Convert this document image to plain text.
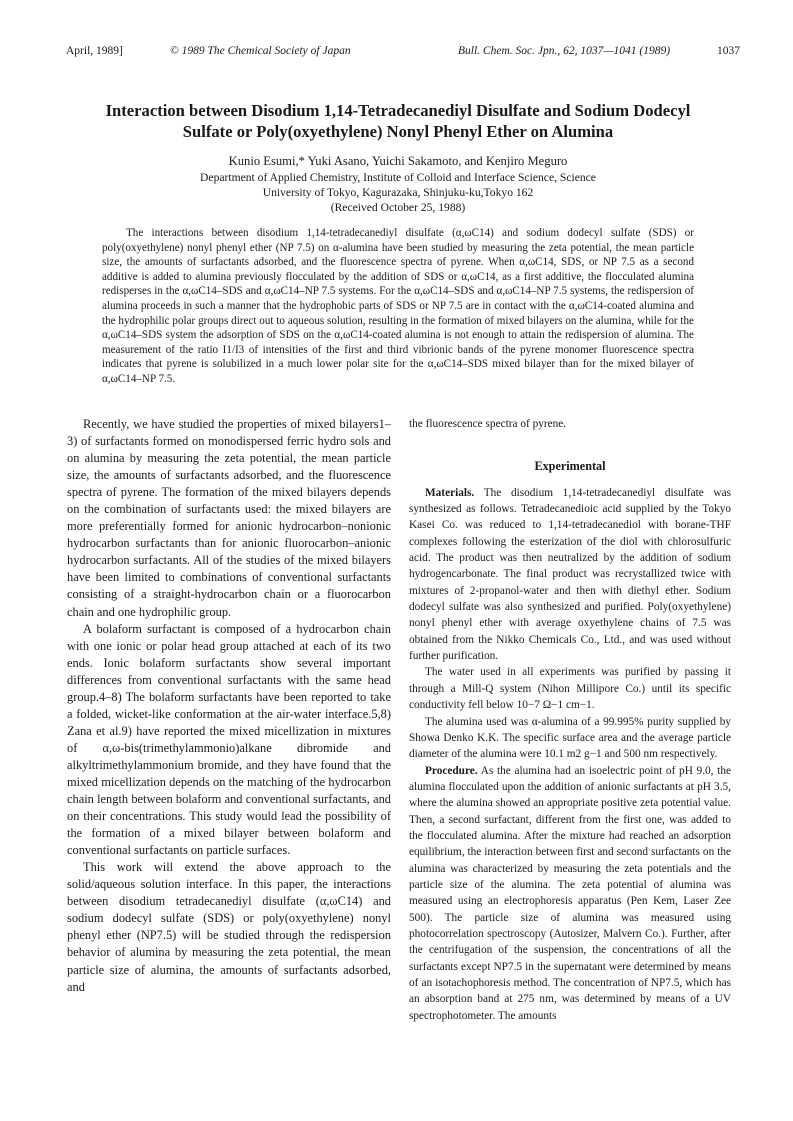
April, 1989]	© 1989 The Chemical Society of Japan	Bull. Chem. Soc. Jpn., 62, 1037—1041 (1989)	1037
Interaction between Disodium 1,14-Tetradecanediyl Disulfate and Sodium Dodecyl Sulfate or Poly(oxyethylene) Nonyl Phenyl Ether on Alumina
Kunio Esumi,* Yuki Asano, Yuichi Sakamoto, and Kenjiro Meguro
Department of Applied Chemistry, Institute of Colloid and Interface Science, Science
University of Tokyo, Kagurazaka, Shinjuku-ku,Tokyo 162
(Received October 25, 1988)

The interactions between disodium 1,14-tetradecanediyl disulfate (α,ωC14) and sodium dodecyl sulfate (SDS) or poly(oxyethylene) nonyl phenyl ether (NP 7.5) on α-alumina have been studied by measuring the zeta potential, the mean particle size, the amounts of surfactants adsorbed, and the fluorescence spectra of pyrene. When α,ωC14, SDS, or NP 7.5 as a second additive is added to alumina previously flocculated by the addition of SDS or α,ωC14, as a first additive, the flocculated alumina redisperses in the α,ωC14–SDS and α,ωC14–NP 7.5 systems. For the α,ωC14–SDS and α,ωC14–NP 7.5 systems, the redispersion of alumina proceeds in such a manner that the hydrophobic parts of SDS or NP 7.5 are in contact with the α,ωC14-coated alumina and the hydrophilic polar groups direct out to aqueous solution, resulting in the formation of mixed bilayers on the alumina, while for the α,ωC14–SDS system the adsorption of SDS on the α,ωC14-coated alumina is not enough to attain the redispersion of alumina. The measurement of the ratio I1/I3 of intensities of the first and third vibrionic bands of the pyrene monomer fluorescence spectra indicates that pyrene is solubilized in a much lower polar site for the α,ωC14–SDS mixed bilayer than for the mixed bilayer of α,ωC14–NP 7.5.

Recently, we have studied the properties of mixed bilayers1–3) of surfactants formed on monodispersed ferric hydro sols and on alumina by measuring the zeta potential, the mean particle size, the amounts of surfactants adsorbed, and the fluorescence spectra of pyrene. The formation of the mixed bilayers depends on the combination of surfactants used: the mixed bilayers are more preferentially formed for anionic hydrocarbon–nonionic hydrocarbon surfactants than for anionic fluorocarbon–anionic hydrocarbon surfactants. All of the studies of the mixed bilayers have been limited to combinations of conventional surfactants consisting of a straight-hydrocarbon chain or a fluorocarbon chain and one hydrophilic group.

A bolaform surfactant is composed of a hydrocarbon chain with one ionic or polar head group attached at each of its two ends. Ionic bolaform surfactants show several important differences from conventional surfactants with the same head group.4–8) The bolaform surfactants have been reported to take a folded, wicket-like conformation at the air-water interface.5,8) Zana et al.9) have reported the mixed micellization in mixtures of α,ω-bis(trimethylammonio)alkane dibromide and alkyltrimethylammonium bromide, and they have found that the mixed micellization depends on the matching of the hydrocarbon chain length between bolaform and conventional surfactants, and on their concentrations. This study would lead the possibility of the formation of a mixed bilayer between bolaform and conventional surfactants on particle surfaces.

This work will extend the above approach to the solid/aqueous solution interface. In this paper, the interactions between disodium tetradecanediyl disulfate (α,ωC14) and sodium dodecyl sulfate (SDS) or poly(oxyethylene) nonyl phenyl ether (NP7.5) will be studied through the redispersion behavior of alumina by measuring the zeta potential, the mean particle size of alumina, the amounts of surfactants adsorbed, and

the fluorescence spectra of pyrene.

Experimental

Materials. The disodium 1,14-tetradecanediyl disulfate was synthesized as follows. Tetradecanedioic acid supplied by the Tokyo Kasei Co. was reduced to 1,14-tetradecanediol with borane-THF complexes following the esterization of the diol with chlorosulfuric acid. The product was then neutralized by the addition of sodium hydrogencarbonate. The final product was recrystallized twice with mixtures of 2-propanol-water and then with diethyl ether. Sodium dodecyl sulfate was also synthesized and purified. Poly(oxyethylene) nonyl phenyl ether with average oxyethylene chains of 7.5 was obtained from the Nikko Chemicals Co., Ltd., and was used without further purification.

The water used in all experiments was purified by passing it through a Mill-Q system (Nihon Millipore Co.) until its specific conductivity fell below 10−7 Ω−1 cm−1.

The alumina used was α-alumina of a 99.995% purity supplied by Showa Denko K.K. The specific surface area and the average particle diameter of the alumina were 10.1 m2 g−1 and 500 nm respectively.

Procedure. As the alumina had an isoelectric point of pH 9.0, the alumina flocculated upon the addition of anionic surfactants at pH 3.5, where the alumina showed an appropriate positive zeta potential value. Then, a second surfactant, different from the first one, was added to the flocculated alumina. After the mixture had reached an adsorption equilibrium, the interaction between first and second surfactants on the alumina was characterized by measuring the zeta potentials and the particle size of the alumina. The zeta potential of alumina was measured using an electrophoresis apparatus (Pen Kem, Laser Zee 500). The particle size of alumina was measured using photocorrelation spectroscopy (Autosizer, Malvern Co.). Further, after the centrifugation of the suspension, the concentrations of all the surfactants except NP7.5 in the supernatant were determined by means of an isotachophoresis method. The concentration of NP7.5, which has an absorption band at 275 nm, was determined by means of a UV spectrophotometer. The amounts
